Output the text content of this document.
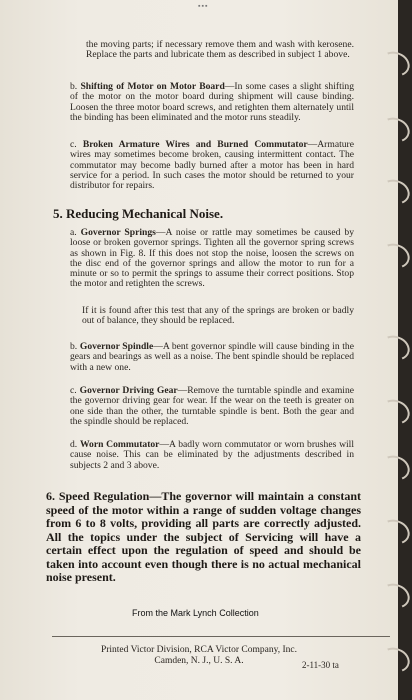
▪▪▪
the moving parts; if necessary remove them and wash with kerosene. Replace the parts and lubricate them as described in subject 1 above.
b. Shifting of Motor on Motor Board—In some cases a slight shifting of the motor on the motor board during shipment will cause binding. Loosen the three motor board screws, and retighten them alternately until the binding has been eliminated and the motor runs steadily.
c. Broken Armature Wires and Burned Commutator—Armature wires may sometimes become broken, causing intermittent contact. The commutator may become badly burned after a motor has been in hard service for a period. In such cases the motor should be returned to your distributor for repairs.
5. Reducing Mechanical Noise.
a. Governor Springs—A noise or rattle may sometimes be caused by loose or broken governor springs. Tighten all the governor spring screws as shown in Fig. 8. If this does not stop the noise, loosen the screws on the disc end of the governor springs and allow the motor to run for a minute or so to permit the springs to assume their correct positions. Stop the motor and retighten the screws.
If it is found after this test that any of the springs are broken or badly out of balance, they should be replaced.
b. Governor Spindle—A bent governor spindle will cause binding in the gears and bearings as well as a noise. The bent spindle should be replaced with a new one.
c. Governor Driving Gear—Remove the turntable spindle and examine the governor driving gear for wear. If the wear on the teeth is greater on one side than the other, the turntable spindle is bent. Both the gear and the spindle should be replaced.
d. Worn Commutator—A badly worn commutator or worn brushes will cause noise. This can be eliminated by the adjustments described in subjects 2 and 3 above.
6. Speed Regulation—The governor will maintain a constant speed of the motor within a range of sudden voltage changes from 6 to 8 volts, providing all parts are correctly adjusted. All the topics under the subject of Servicing will have a certain effect upon the regulation of speed and should be taken into account even though there is no actual mechanical noise present.
From the Mark Lynch Collection
Printed Victor Division, RCA Victor Company, Inc.
Camden, N. J., U. S. A.	2-11-30 ta
